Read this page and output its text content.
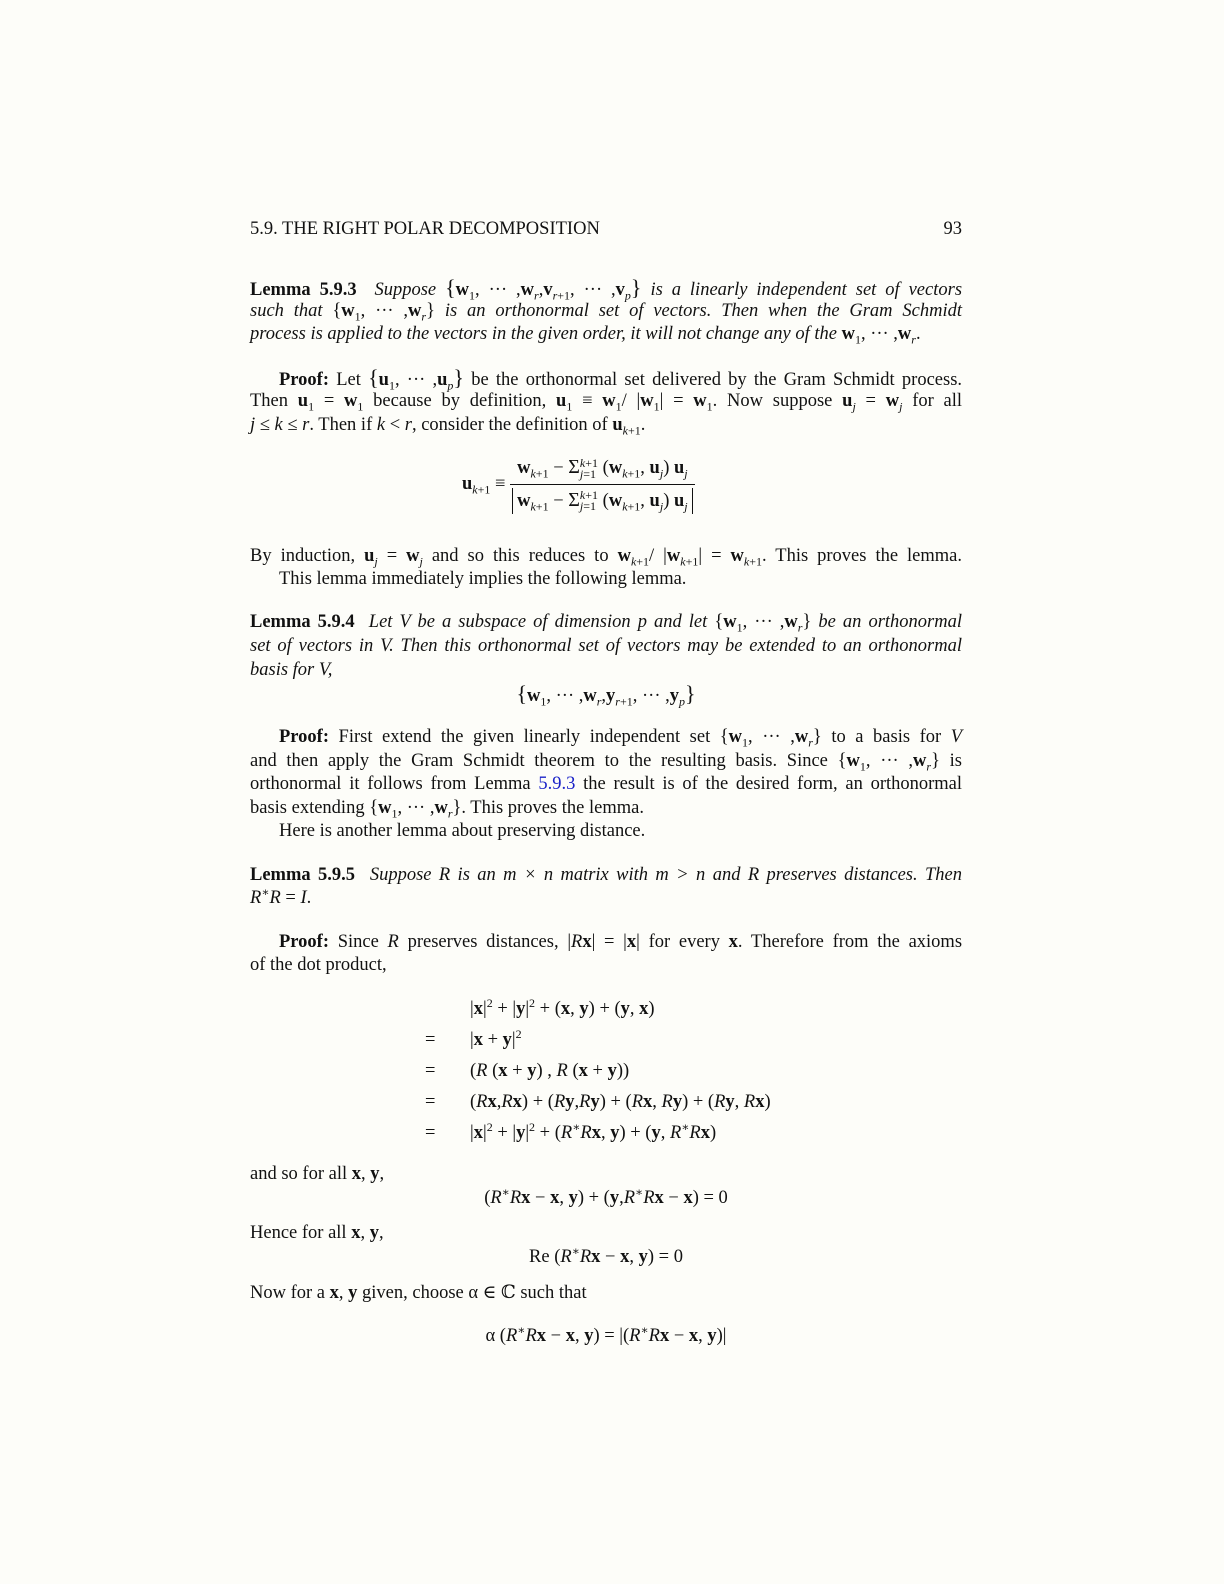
5.9. THE RIGHT POLAR DECOMPOSITION	93
Lemma 5.9.3 Suppose {$w_1$, ··· $,w_r,v_{r+1}$, ··· $,v_p$} is a linearly independent set of vectors
such that {$w_1$, ··· $,w_r$} is an orthonormal set of vectors. Then when the Gram Schmidt
process is applied to the vectors in the given order, it will not change any of the $w_1$, ··· $,w_r$.
Proof: Let {$u_1$, ··· $,u_p$} be the orthonormal set delivered by the Gram Schmidt process.
Then $u_1 = w_1$ because by definition, $u_1 \equiv w_1/$ $|w_1| = w_1$. Now suppose $u_j = w_j$ for all
j ≤ k ≤ r. Then if k < r, consider the definition of $u_{k+1}$.
$u_{k+1}$ ≡
$w_{k+1} - \Sigma k+1$
j=1 ($w_{k+1}$, $u_j$) $u_j$
$w_{k+1} - \Sigma k+1$
j=1 ($w_{k+1}$, $u_j$) $u_j$
By induction, $u_j = w_j$ and so this reduces to $w_{k+1}/$ $|w_{k+1}| = w_{k+1}$. This proves the lemma.
This lemma immediately implies the following lemma.
Lemma 5.9.4 Let V be a subspace of dimension p and let {$w_1$, ··· $,w_r$} be an orthonormal
set of vectors in V. Then this orthonormal set of vectors may be extended to an orthonormal
basis for V,
{$w_1$, ··· $,w_r,y_{r+1}$, ··· $,y_p$}
Proof: First extend the given linearly independent set {$w_1$, ··· $,w_r$} to a basis for V
and then apply the Gram Schmidt theorem to the resulting basis. Since {$w_1$, ··· $,w_r$} is
orthonormal it follows from Lemma 5.9.3 the result is of the desired form, an orthonormal
basis extending {$w_1$, ··· $,w_r$}. This proves the lemma.
Here is another lemma about preserving distance.
Lemma 5.9.5 Suppose R is an m × n matrix with m > n and R preserves distances. Then
R∗R = I.
Proof: Since R preserves distances, |Rx| = |x| for every x. Therefore from the axioms
of the dot product,
$|x|^2 + |y|^2 + (x$, y) + (y, x)
=	$|x + y|^2$
=	(R (x + y) , R (x + y))
=	(Rx,Rx) + (Ry,Ry) + (Rx, Ry) + (Ry, Rx)
=	$|x|^2 + |y|^2 + (R^∗Rx$, y) + (y, R∗Rx)
and so for all x, y,
(R∗Rx − x, y) + (y,R∗Rx − x) = 0
Hence for all x, y,
Re (R∗Rx − x, y) = 0
Now for a x, y given, choose α ∈ ℂ such that
α (R∗Rx − x, y) = |(R∗Rx − x, y)|
